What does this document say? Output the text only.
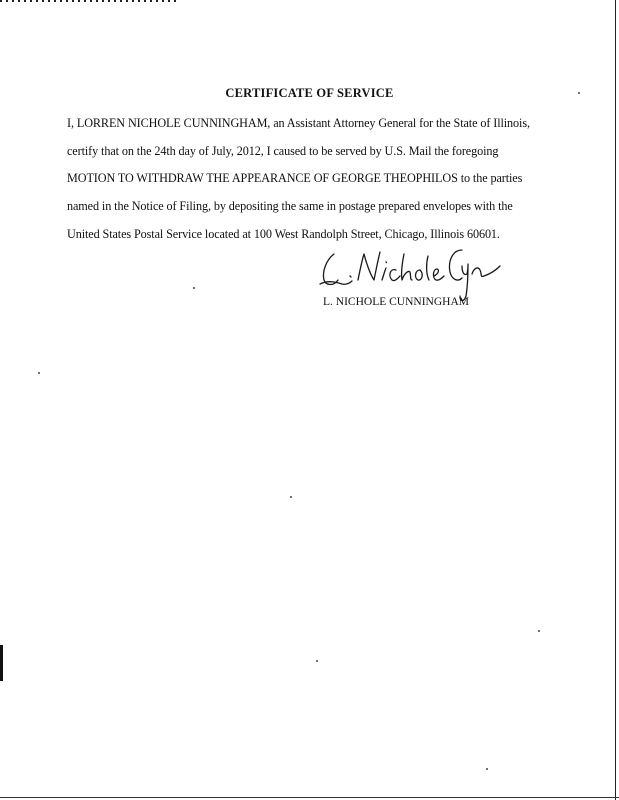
CERTIFICATE OF SERVICE
I, LORREN NICHOLE CUNNINGHAM, an Assistant Attorney General for the State of Illinois,
certify that on the 24th day of July, 2012, I caused to be served by U.S. Mail the foregoing
MOTION TO WITHDRAW THE APPEARANCE OF GEORGE THEOPHILOS to the parties
named in the Notice of Filing, by depositing the same in postage prepared envelopes with the
United States Postal Service located at 100 West Randolph Street, Chicago, Illinois 60601.
L. NICHOLE CUNNINGHAM
